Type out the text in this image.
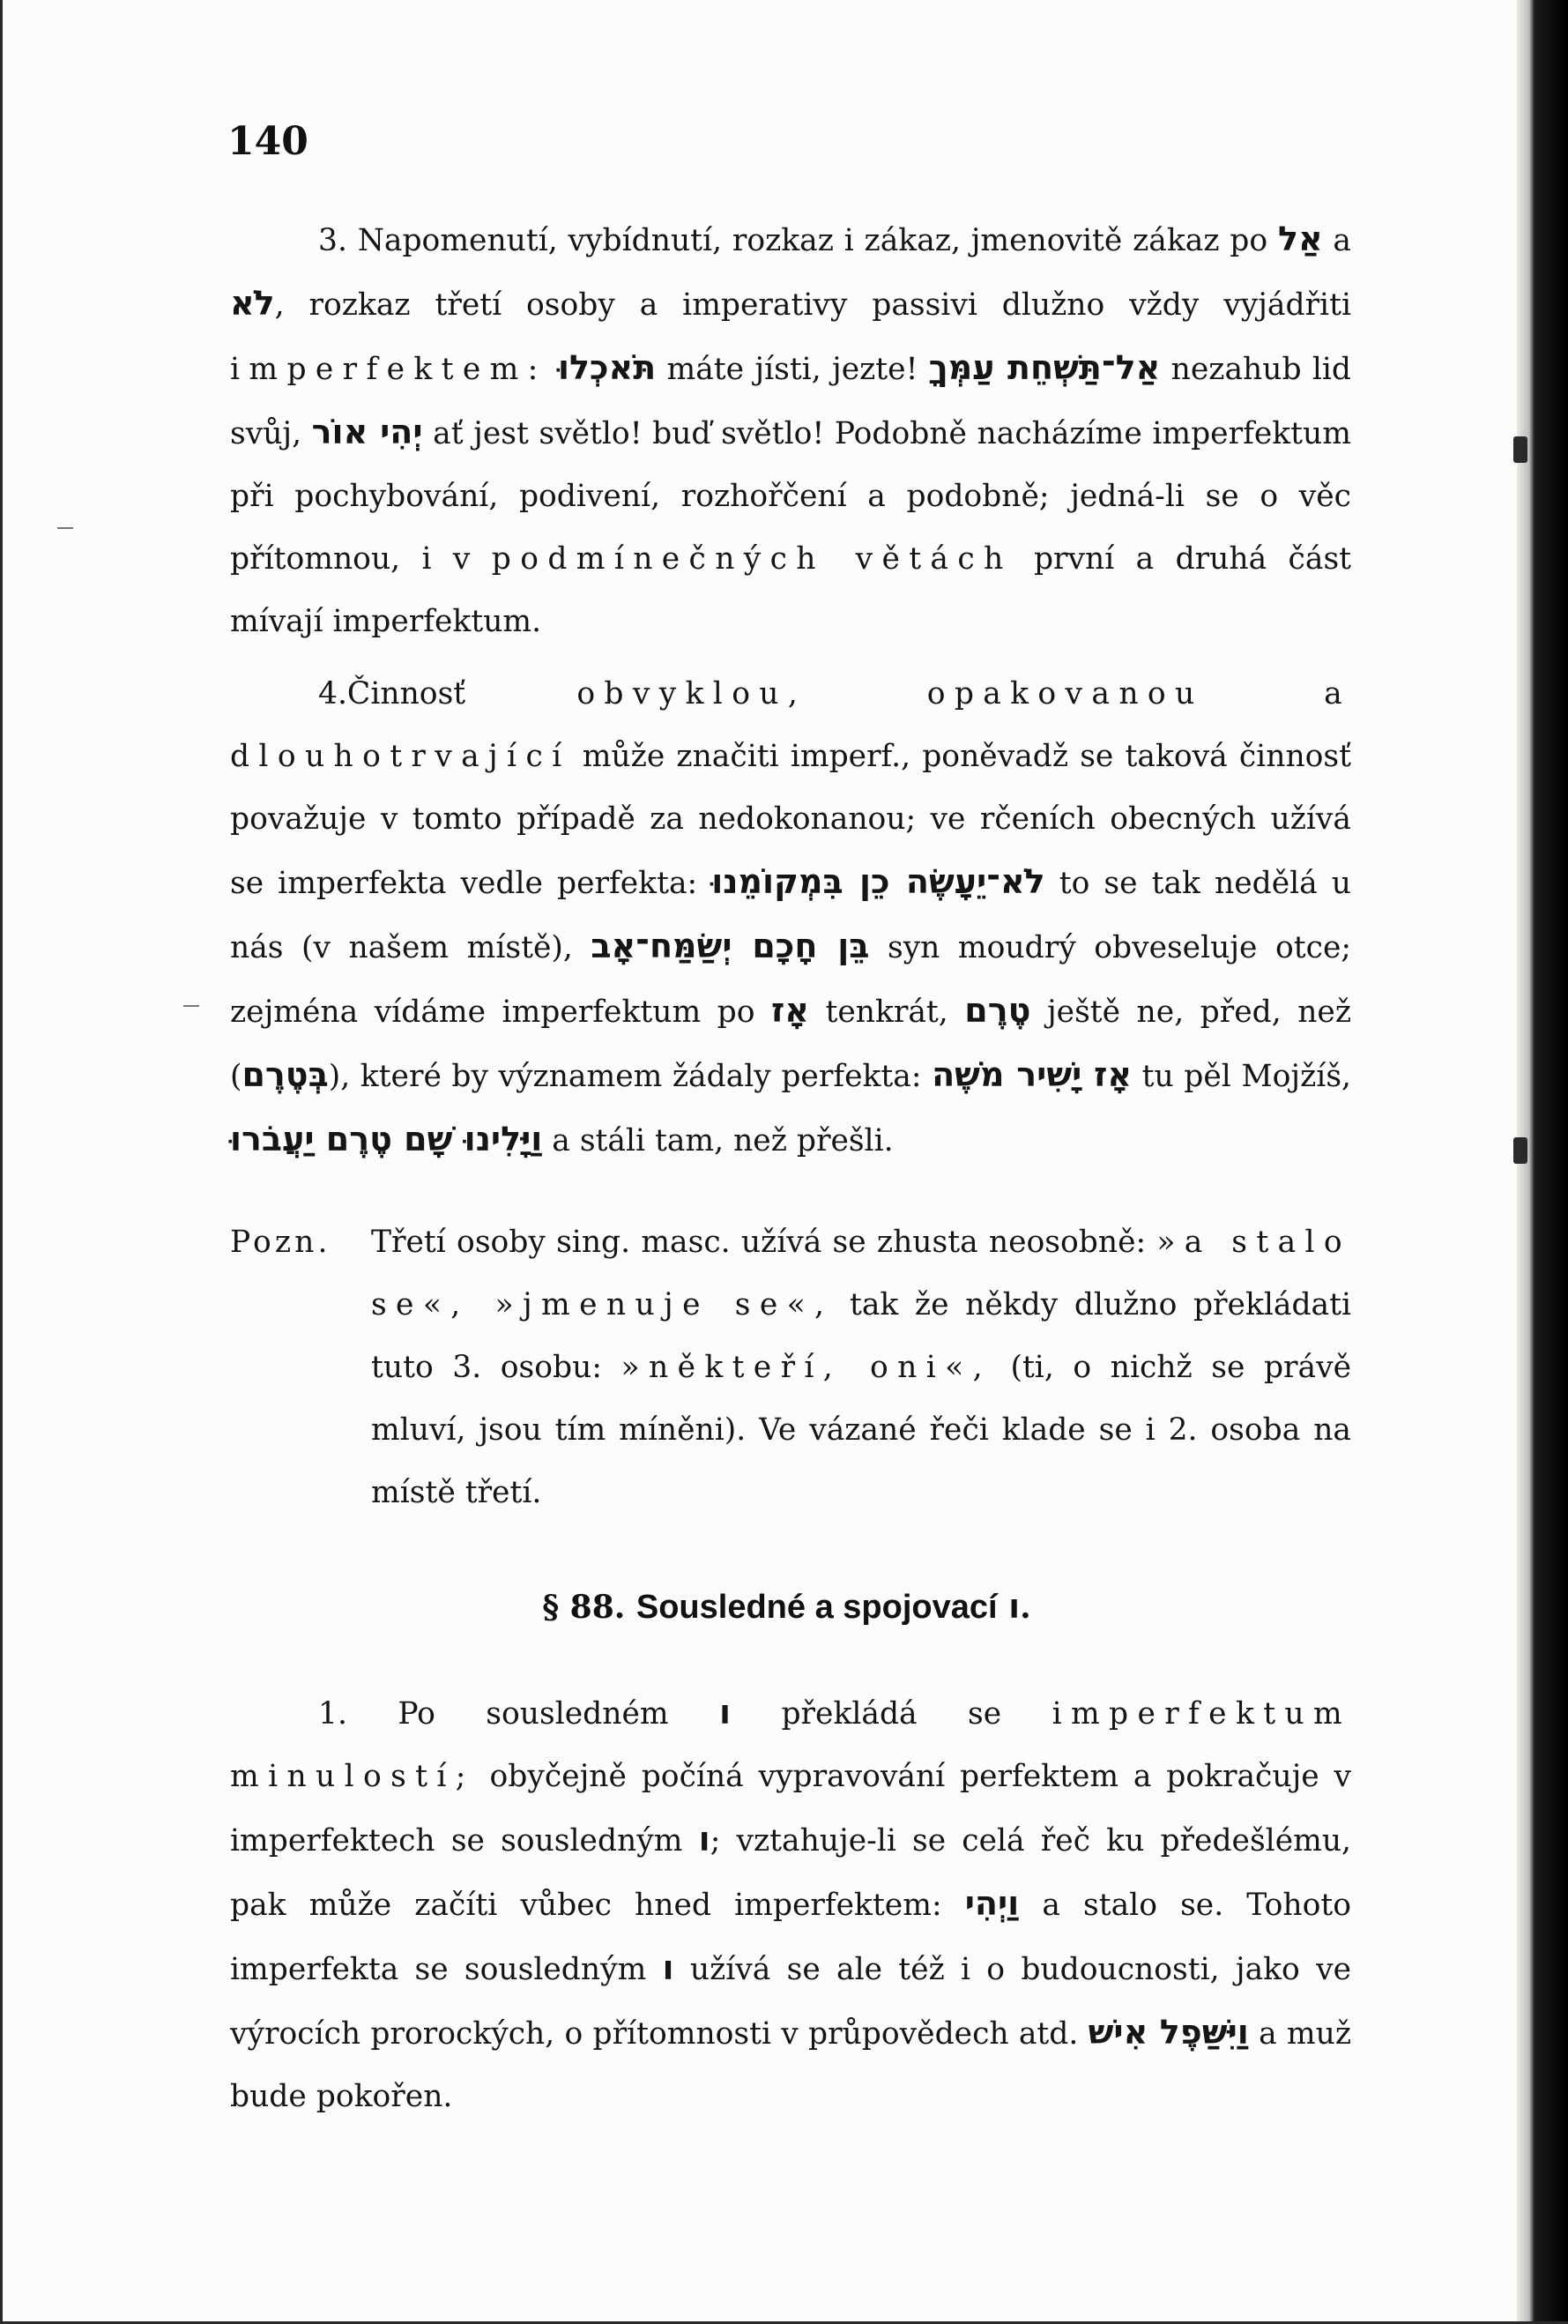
140

3. Napomenutí, vybídnutí, rozkaz i zákaz, jmenovitě zákaz po אַל a לֹא, rozkaz třetí osoby a imperativy passivi dlužno vždy vyjádřiti imperfektem: תֹּאכְלוּ máte jísti, jezte! אַל־תַּשְׁחֵת עַמְּךָ nezahub lid svůj, יְהִי אוֹר ať jest světlo! buď světlo! Podobně nacházíme imperfektum při pochybování, podivení, rozhořčení a podobně; jedná-li se o věc přítomnou, i v podmínečných větách první a druhá část mívají imperfektum.

4.Činnosť	obvyklou, opakovanou a dlouhotrvající může značiti imperf., poněvadž se taková činnosť považuje v tomto případě za nedokonanou; ve rčeních obecných užívá se imperfekta vedle perfekta: לֹא־יֵעָשֶׂה כֵן בִּמְקוֹמֵנוּ to se tak nedělá u nás (v našem místě), בֵּן חָכָם יְשַׂמַּח־אָב syn moudrý obveseluje otce; zejména vídáme imperfektum po אָז tenkrát, טֶרֶם ještě ne, před, než (בְּטֶרֶם), které by významem žádaly perfekta: אָז יָשִׁיר מֹשֶׁה tu pěl Mojžíš, וַיָּלִינוּ שָׁם טֶרֶם יַעֲבֹרוּ a stáli tam, než přešli.

Pozn. Třetí osoby sing. masc. užívá se zhusta neosobně: »a stalo se«, »jmenuje se«, tak že někdy dlužno překládati tuto 3. osobu: »někteří, oni«, (ti, o nichž se právě mluví, jsou tím míněni). Ve vázané řeči klade se i 2. osoba na místě třetí.

§ 88. Sousledné a spojovací ו.

1. Po sousledném ו překládá se imperfektum minulostí; obyčejně počíná vypravování perfektem a pokračuje v imperfektech se sousledným ו; vztahuje-li se celá řeč ku předešlému, pak může začíti vůbec hned imperfektem: וַיְהִי a stalo se. Tohoto imperfekta se sousledným ו užívá se ale též i o budoucnosti, jako ve výrocích prorockých, o přítomnosti v průpovědech atd. וַיִּשַּׁפֶל אִישׁ a muž bude pokořen.
